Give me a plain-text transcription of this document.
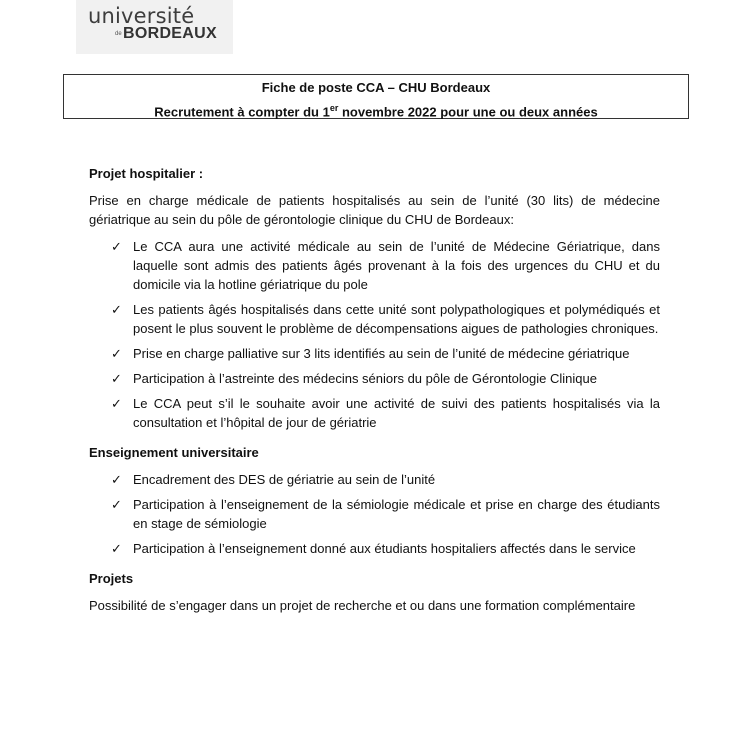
université
de BORDEAUX
Fiche de poste CCA – CHU Bordeaux
Recrutement à compter du 1er novembre 2022 pour une ou deux années
Projet hospitalier :

Prise en charge médicale de patients hospitalisés au sein de l’unité (30 lits) de médecine gériatrique au sein du pôle de gérontologie clinique du CHU de Bordeaux:

✓ Le CCA aura une activité médicale au sein de l’unité de Médecine Gériatrique, dans laquelle sont admis des patients âgés provenant à la fois des urgences du CHU et du domicile via la hotline gériatrique du pole
✓ Les patients âgés hospitalisés dans cette unité sont polypathologiques et polymédiqués et posent le plus souvent le problème de décompensations aigues de pathologies chroniques.
✓ Prise en charge palliative sur 3 lits identifiés au sein de l’unité de médecine gériatrique
✓ Participation à l’astreinte des médecins séniors du pôle de Gérontologie Clinique
✓ Le CCA peut s’il le souhaite avoir une activité de suivi des patients hospitalisés via la consultation et l’hôpital de jour de gériatrie
Enseignement universitaire
✓ Encadrement des DES de gériatrie au sein de l’unité
✓ Participation à l’enseignement de la sémiologie médicale et prise en charge des étudiants en stage de sémiologie
✓ Participation à l’enseignement donné aux étudiants hospitaliers affectés dans le service
Projets

Possibilité de s’engager dans un projet de recherche et ou dans une formation complémentaire
